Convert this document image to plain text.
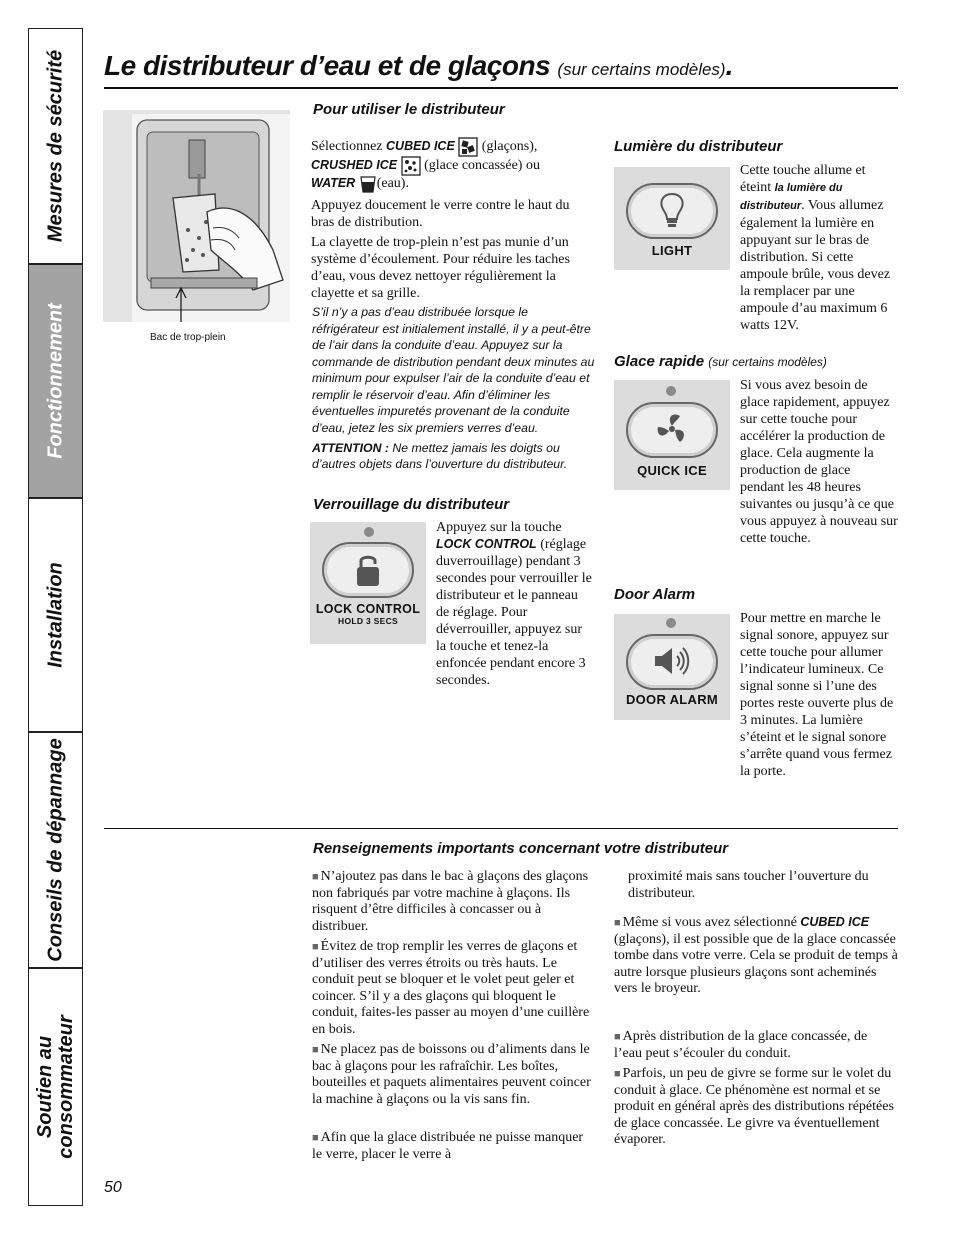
Mesures de sécurité
Fonctionnement
Installation
Conseils de dépannage
Soutien au
consommateur
Le distributeur d’eau et de glaçons (sur certains modèles).
Bac de trop-plein
Pour utiliser le distributeur
Sélectionnez CUBED ICE (glaçons),
CRUSHED ICE (glace concassée) ou
WATER (eau).
Appuyez doucement le verre contre le haut du bras de distribution.
La clayette de trop-plein n’est pas munie d’un système d’écoulement. Pour réduire les taches d’eau, vous devez nettoyer régulièrement la clayette et sa grille.
S’il n’y a pas d’eau distribuée lorsque le réfrigérateur est initialement installé, il y a peut-être de l’air dans la conduite d’eau. Appuyez sur la commande de distribution pendant deux minutes au minimum pour expulser l’air de la conduite d’eau et remplir le réservoir d’eau. Afin d’éliminer les éventuelles impuretés provenant de la conduite d’eau, jetez les six premiers verres d’eau.
ATTENTION : Ne mettez jamais les doigts ou d’autres objets dans l’ouverture du distributeur.
Verrouillage du distributeur
LOCK CONTROL
HOLD 3 SECS
Appuyez sur la touche LOCK CONTROL (réglage duverrouillage) pendant 3 secondes pour verrouiller le distributeur et le panneau de réglage. Pour déverrouiller, appuyez sur la touche et tenez-la enfoncée pendant encore 3 secondes.
Lumière du distributeur
LIGHT
Cette touche allume et éteint la lumière du distributeur. Vous allumez également la lumière en appuyant sur le bras de distribution. Si cette ampoule brûle, vous devez la remplacer par une ampoule d’au maximum 6 watts 12V.
Glace rapide (sur certains modèles)
QUICK ICE
Si vous avez besoin de glace rapidement, appuyez sur cette touche pour accélérer la production de glace. Cela augmente la production de glace pendant les 48 heures suivantes ou jusqu’à ce que vous appuyez à nouveau sur cette touche.
Door Alarm
DOOR ALARM
Pour mettre en marche le signal sonore, appuyez sur cette touche pour allumer l’indicateur lumineux. Ce signal sonne si l’une des portes reste ouverte plus de 3 minutes. La lumière s’éteint et le signal sonore s’arrête quand vous fermez la porte.
Renseignements importants concernant votre distributeur
■ N’ajoutez pas dans le bac à glaçons des glaçons non fabriqués par votre machine à glaçons. Ils risquent d’être difficiles à concasser ou à distribuer.
■ Évitez de trop remplir les verres de glaçons et d’utiliser des verres étroits ou très hauts. Le conduit peut se bloquer et le volet peut geler et coincer. S’il y a des glaçons qui bloquent le conduit, faites-les passer au moyen d’une cuillère en bois.
■ Ne placez pas de boissons ou d’aliments dans le bac à glaçons pour les rafraîchir. Les boîtes, bouteilles et paquets alimentaires peuvent coincer la machine à glaçons ou la vis sans fin.
■ Afin que la glace distribuée ne puisse manquer le verre, placer le verre à
proximité mais sans toucher l’ouverture du distributeur.
■ Même si vous avez sélectionné CUBED ICE (glaçons), il est possible que de la glace concassée tombe dans votre verre. Cela se produit de temps à autre lorsque plusieurs glaçons sont acheminés vers le broyeur.
■ Après distribution de la glace concassée, de l’eau peut s’écouler du conduit.
■ Parfois, un peu de givre se forme sur le volet du conduit à glace. Ce phénomène est normal et se produit en général après des distributions répétées de glace concassée. Le givre va éventuellement évaporer.
50
